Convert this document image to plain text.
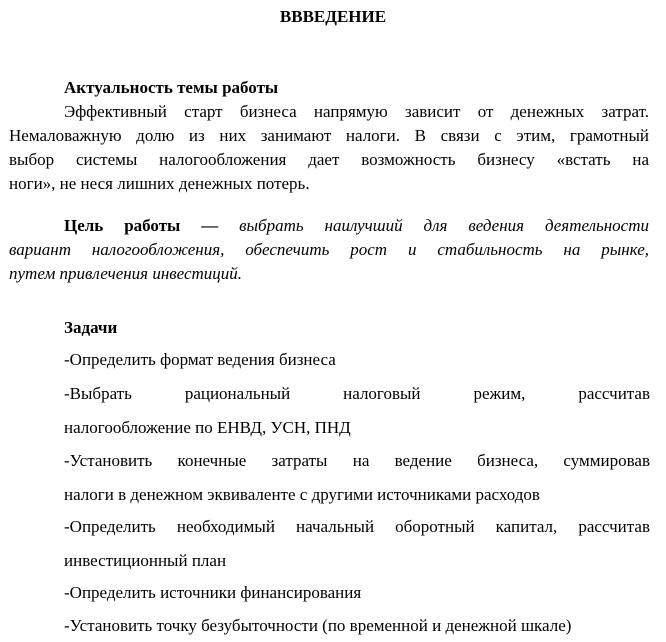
ВВВЕДЕНИЕ
Актуальность темы работы
Эффективный старт бизнеса напрямую зависит от денежных затрат.
Немаловажную долю из них занимают налоги. В связи с этим, грамотный
выбор системы налогообложения дает возможность бизнесу «встать на
ноги», не неся лишних денежных потерь.
Цель работы — выбрать наилучший для ведения деятельности
вариант налогообложения, обеспечить рост и стабильность на рынке,
путем привлечения инвестиций.
Задачи
-Определить формат ведения бизнеса
-Выбрать рациональный налоговый режим, рассчитав
налогообложение по ЕНВД, УСН, ПНД
-Установить конечные затраты на ведение бизнеса, суммировав
налоги в денежном эквиваленте с другими источниками расходов
-Определить необходимый начальный оборотный капитал, рассчитав
инвестиционный план
-Определить источники финансирования
-Установить точку безубыточности (по временной и денежной шкале)
